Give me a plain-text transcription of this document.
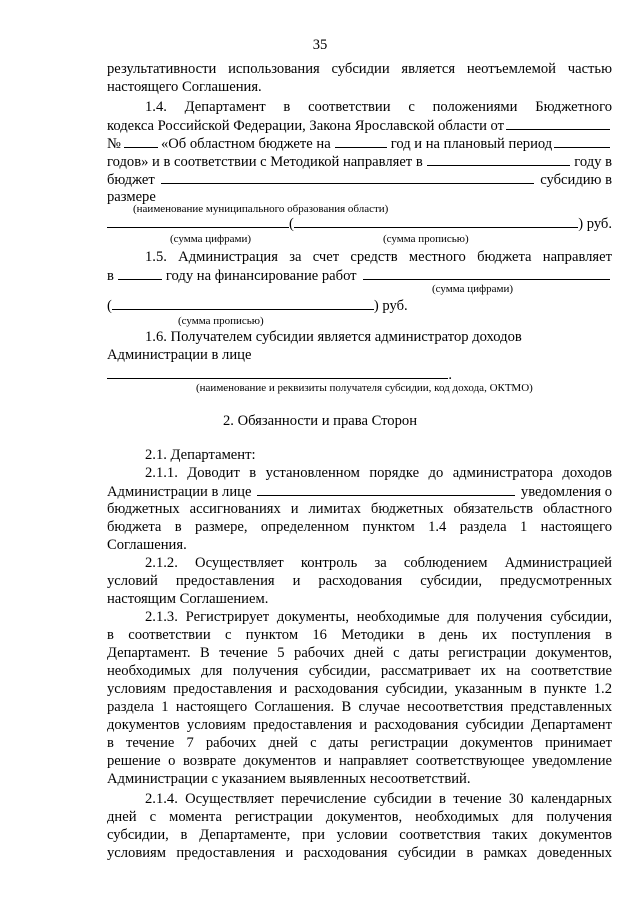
35
результативности использования субсидии является неотъемлемой частью
настоящего Соглашения.
1.4. Департамент в соответствии с положениями Бюджетного
кодекса Российской Федерации, Закона Ярославской области от
№	«Об областном бюджете на	год и на плановый период
годов» и в соответствии с Методикой направляет в	году в
бюджет	субсидию в
размере
(наименование муниципального образования области)
(	) руб.
(сумма цифрами)	(сумма прописью)
1.5. Администрация за счет средств местного бюджета направляет
в	году на финансирование работ
(сумма цифрами)
(	) руб.
(сумма прописью)
1.6. Получателем субсидии является администратор доходов
Администрации в лице
.
(наименование и реквизиты получателя субсидии, код дохода, ОКТМО)
2. Обязанности и права Сторон
2.1. Департамент:
2.1.1. Доводит в установленном порядке до администратора доходов
Администрации в лице	уведомления о
бюджетных ассигнованиях и лимитах бюджетных обязательств областного
бюджета в размере, определенном пунктом 1.4 раздела 1 настоящего
Соглашения.
2.1.2. Осуществляет контроль за соблюдением Администрацией
условий предоставления и расходования субсидии, предусмотренных
настоящим Соглашением.
2.1.3. Регистрирует документы, необходимые для получения субсидии,
в соответствии с пунктом 16 Методики в день их поступления в
Департамент. В течение 5 рабочих дней с даты регистрации документов,
необходимых для получения субсидии, рассматривает их на соответствие
условиям предоставления и расходования субсидии, указанным в пункте 1.2
раздела 1 настоящего Соглашения. В случае несоответствия представленных
документов условиям предоставления и расходования субсидии Департамент
в течение 7 рабочих дней с даты регистрации документов принимает
решение о возврате документов и направляет соответствующее уведомление
Администрации с указанием выявленных несоответствий.
2.1.4. Осуществляет перечисление субсидии в течение 30 календарных
дней с момента регистрации документов, необходимых для получения
субсидии, в Департаменте, при условии соответствия таких документов
условиям предоставления и расходования субсидии в рамках доведенных
